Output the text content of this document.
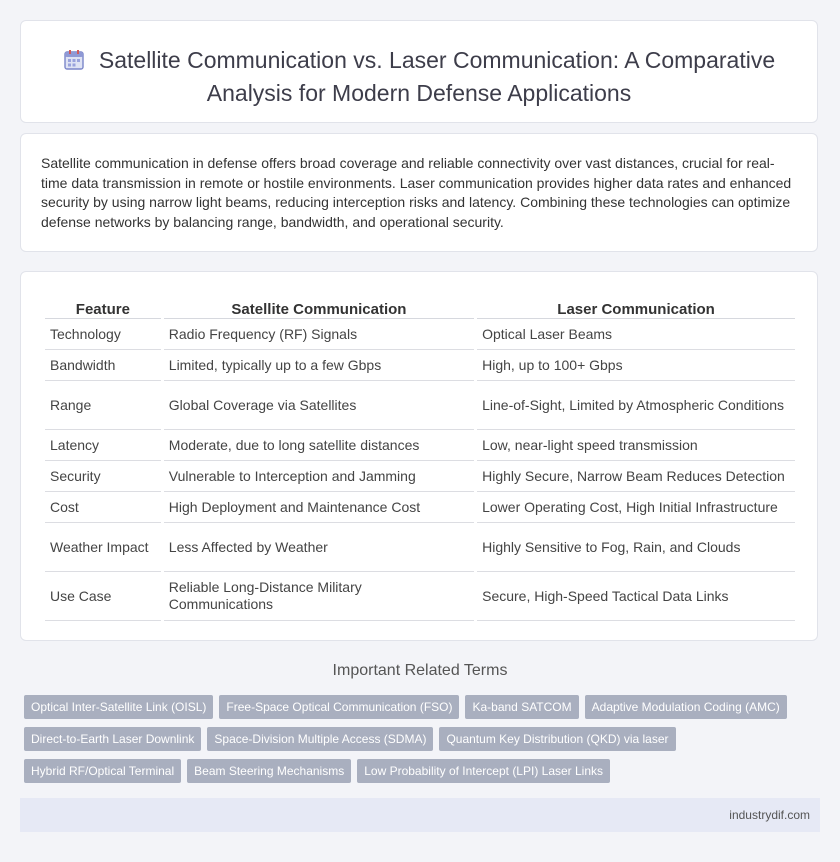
Satellite Communication vs. Laser Communication: A Comparative Analysis for Modern Defense Applications

Satellite communication in defense offers broad coverage and reliable connectivity over vast distances, crucial for real-time data transmission in remote or hostile environments. Laser communication provides higher data rates and enhanced security by using narrow light beams, reducing interception risks and latency. Combining these technologies can optimize defense networks by balancing range, bandwidth, and operational security.

Feature	Satellite Communication	Laser Communication
Technology	Radio Frequency (RF) Signals	Optical Laser Beams
Bandwidth	Limited, typically up to a few Gbps	High, up to 100+ Gbps
Range	Global Coverage via Satellites	Line-of-Sight, Limited by Atmospheric Conditions
Latency	Moderate, due to long satellite distances	Low, near-light speed transmission
Security	Vulnerable to Interception and Jamming	Highly Secure, Narrow Beam Reduces Detection
Cost	High Deployment and Maintenance Cost	Lower Operating Cost, High Initial Infrastructure
Weather Impact	Less Affected by Weather	Highly Sensitive to Fog, Rain, and Clouds
Use Case	Reliable Long-Distance Military Communications	Secure, High-Speed Tactical Data Links
Important Related Terms
Optical Inter-Satellite Link (OISL) Free-Space Optical Communication (FSO) Ka-band SATCOM Adaptive Modulation Coding (AMC)
Direct-to-Earth Laser Downlink Space-Division Multiple Access (SDMA) Quantum Key Distribution (QKD) via laser
Hybrid RF/Optical Terminal Beam Steering Mechanisms Low Probability of Intercept (LPI) Laser Links
industrydif.com
